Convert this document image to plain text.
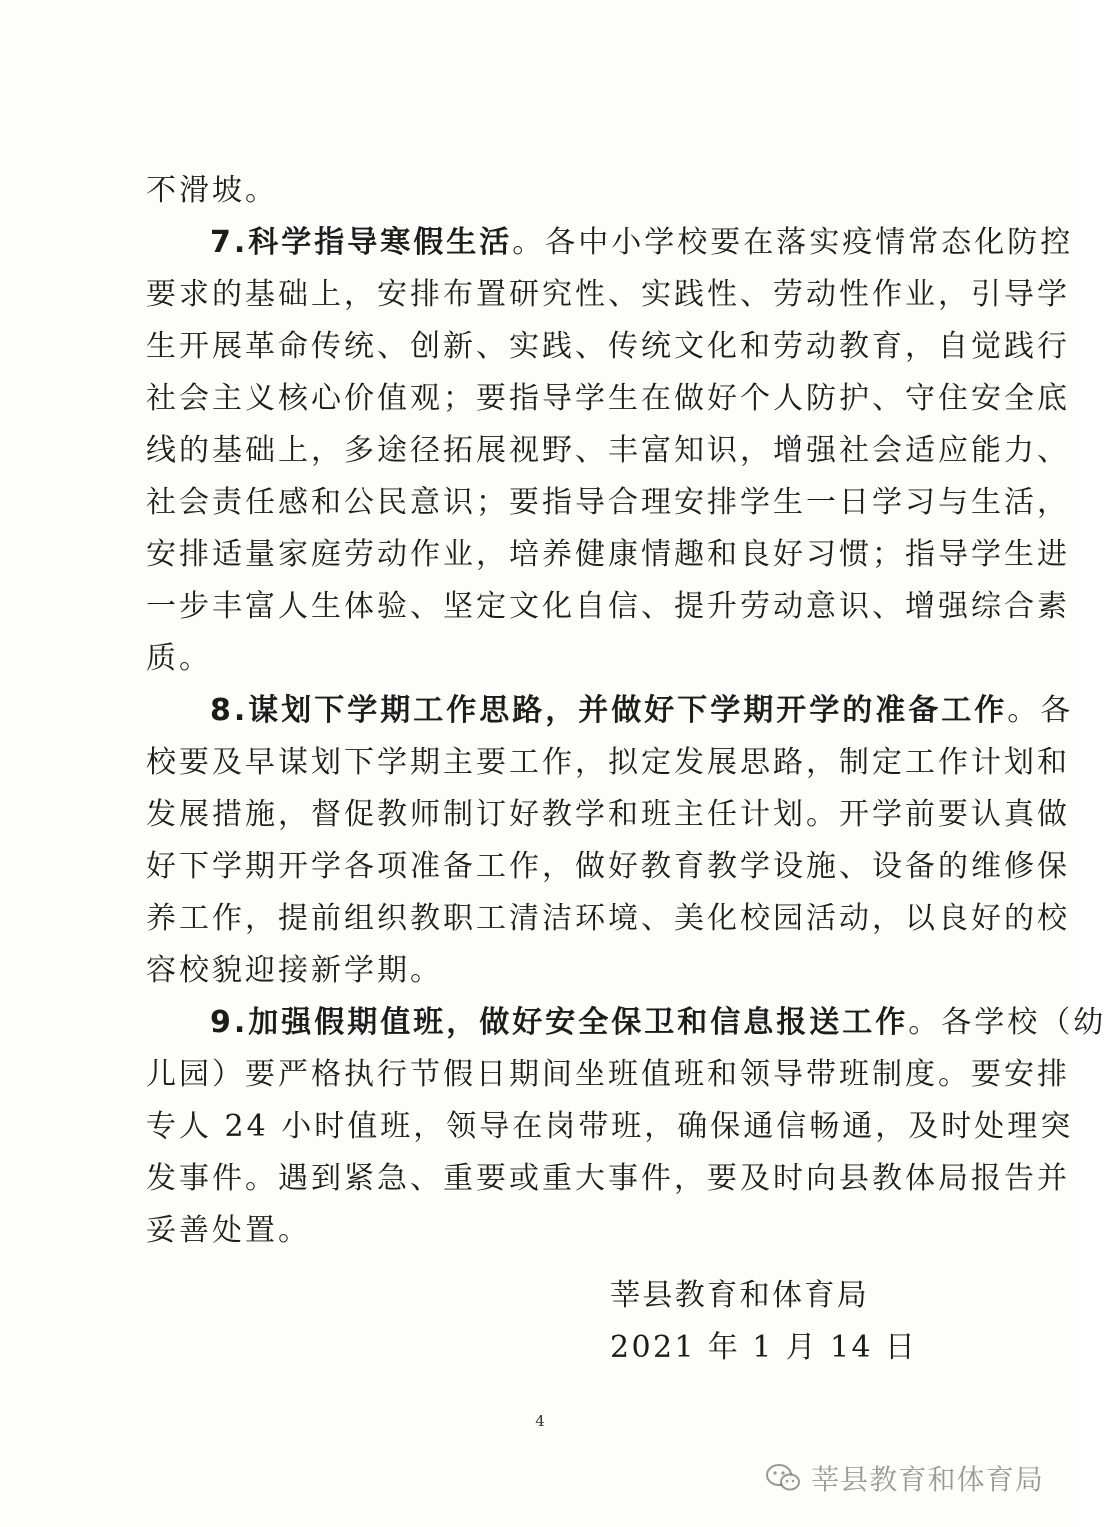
不滑坡。
7.科学指导寒假生活。各中小学校要在落实疫情常态化防控
要求的基础上，安排布置研究性、实践性、劳动性作业，引导学
生开展革命传统、创新、实践、传统文化和劳动教育，自觉践行
社会主义核心价值观；要指导学生在做好个人防护、守住安全底
线的基础上，多途径拓展视野、丰富知识，增强社会适应能力、
社会责任感和公民意识；要指导合理安排学生一日学习与生活，
安排适量家庭劳动作业，培养健康情趣和良好习惯；指导学生进
一步丰富人生体验、坚定文化自信、提升劳动意识、增强综合素
质。
8.谋划下学期工作思路，并做好下学期开学的准备工作。各
校要及早谋划下学期主要工作，拟定发展思路，制定工作计划和
发展措施，督促教师制订好教学和班主任计划。开学前要认真做
好下学期开学各项准备工作，做好教育教学设施、设备的维修保
养工作，提前组织教职工清洁环境、美化校园活动，以良好的校
容校貌迎接新学期。
9.加强假期值班，做好安全保卫和信息报送工作。各学校（幼
儿园）要严格执行节假日期间坐班值班和领导带班制度。要安排
专人 24 小时值班，领导在岗带班，确保通信畅通，及时处理突
发事件。遇到紧急、重要或重大事件，要及时向县教体局报告并
妥善处置。
莘县教育和体育局
2021 年 1 月 14 日
4
莘县教育和体育局
